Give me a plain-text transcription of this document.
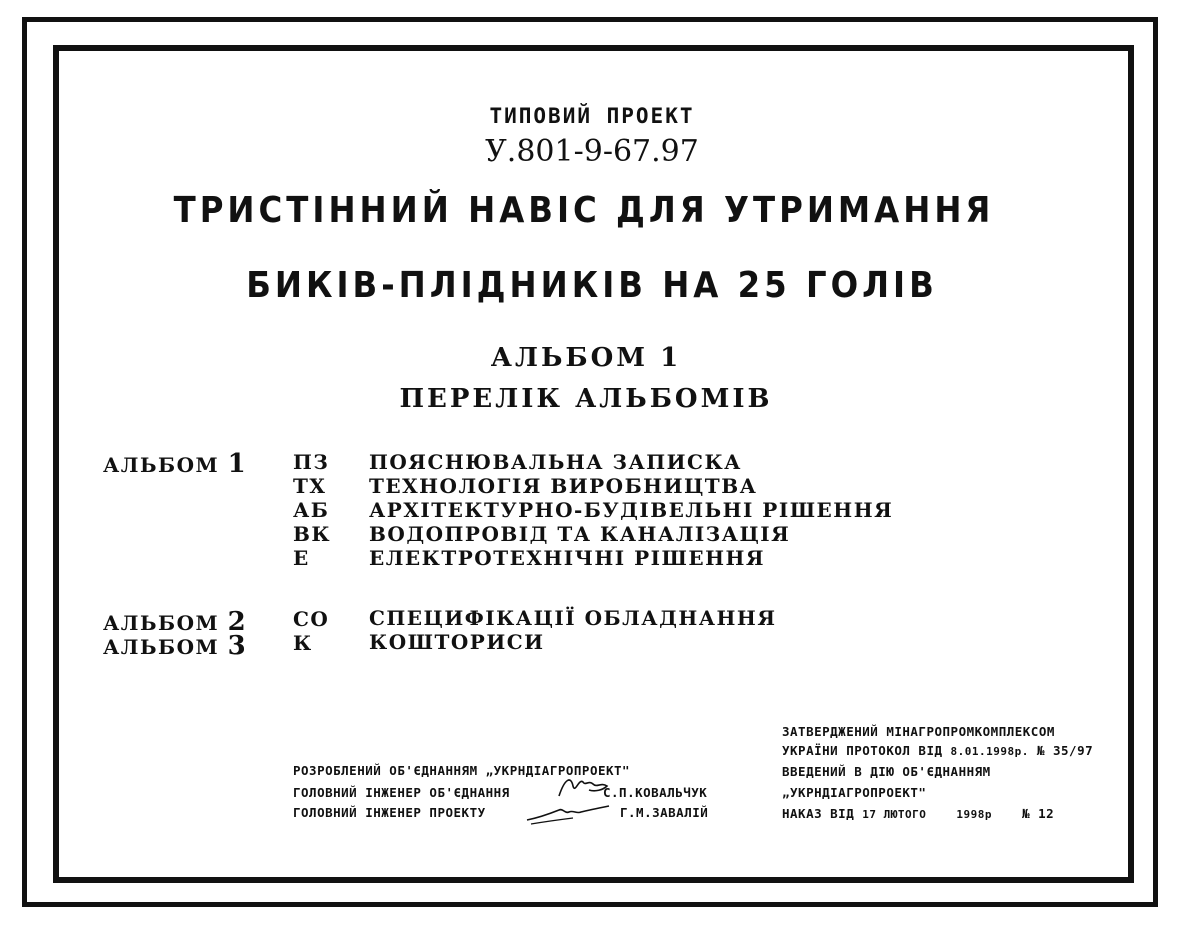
ТИПОВИЙ ПРОЕКТ
У.801-9-67.97
ТРИСТІННИЙ НАВІС ДЛЯ УТРИМАННЯ
БИКІВ-ПЛІДНИКІВ НА 25 ГОЛІВ
АЛЬБОМ 1
ПЕРЕЛІК АЛЬБОМІВ
АЛЬБОМ 1 ПЗ ПОЯСНЮВАЛЬНА ЗАПИСКА
ТХ ТЕХНОЛОГІЯ ВИРОБНИЦТВА
АБ АРХІТЕКТУРНО-БУДІВЕЛЬНІ РІШЕННЯ
ВК ВОДОПРОВІД ТА КАНАЛІЗАЦІЯ
Е	ЕЛЕКТРОТЕХНІЧНІ РІШЕННЯ
АЛЬБОМ 2 СО СПЕЦИФІКАЦІЇ ОБЛАДНАННЯ
АЛЬБОМ 3 К	КОШТОРИСИ
РОЗРОБЛЕНИЙ ОБ'ЄДНАННЯМ „УКРНДІАГРОПРОЕКТ"
ГОЛОВНИЙ ІНЖЕНЕР ОБ'ЄДНАННЯ	С.П.КОВАЛЬЧУК
ГОЛОВНИЙ ІНЖЕНЕР ПРОЕКТУ	Г.М.ЗАВАЛІЙ
ЗАТВЕРДЖЕНИЙ МІНАГРОПРОМКОМПЛЕКСОМ
УКРАЇНИ ПРОТОКОЛ ВІД 8.01.1998р. № 35/97
ВВЕДЕНИЙ В ДІЮ ОБ'ЄДНАННЯМ
„УКРНДІАГРОПРОЕКТ"
НАКАЗ ВІД 17 ЛЮТОГО	1998р № 12
